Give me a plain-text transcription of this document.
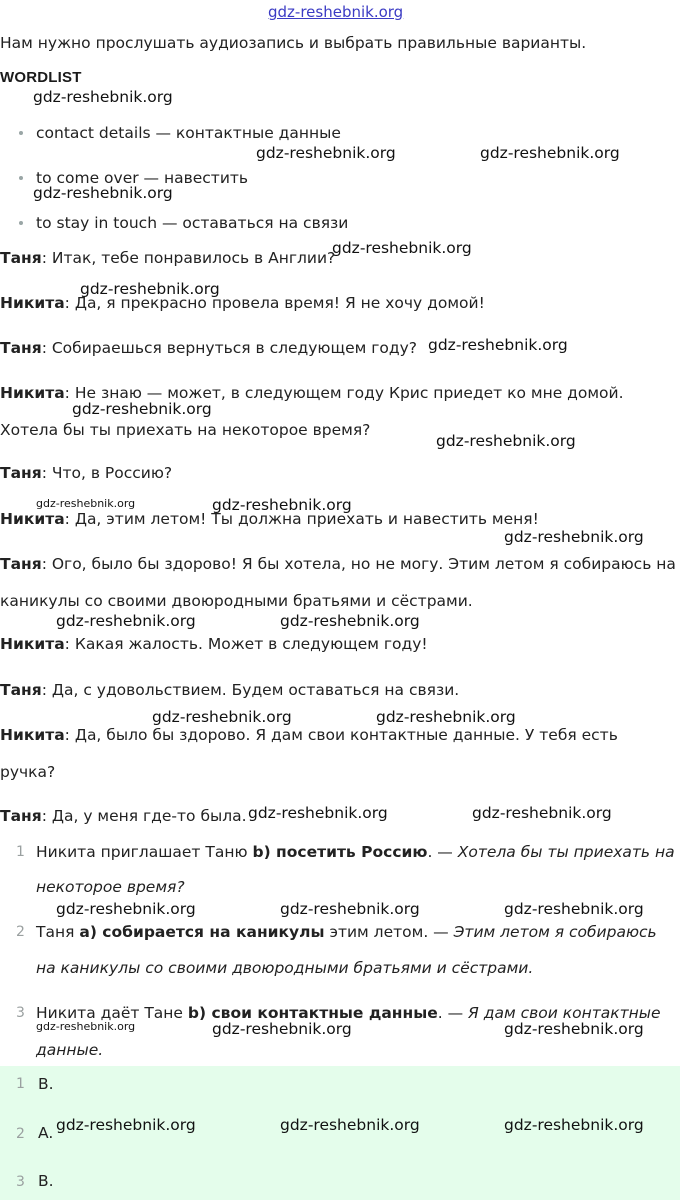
gdz-reshebnik.org
Нам нужно прослушать аудиозапись и выбрать правильные варианты.
WORDLIST
contact details — контактные данные
to come over — навестить
to stay in touch — оставаться на связи
Таня: Итак, тебе понравилось в Англии?
Никита: Да, я прекрасно провела время! Я не хочу домой!
Таня: Собираешься вернуться в следующем году?
Никита: Не знаю — может, в следующем году Крис приедет ко мне домой.
Хотела бы ты приехать на некоторое время?
Таня: Что, в Россию?
Никита: Да, этим летом! Ты должна приехать и навестить меня!
Таня: Ого, было бы здорово! Я бы хотела, но не могу. Этим летом я собираюсь на
каникулы со своими двоюродными братьями и сёстрами.
Никита: Какая жалость. Может в следующем году!
Таня: Да, с удовольствием. Будем оставаться на связи.
Никита: Да, было бы здорово. Я дам свои контактные данные. У тебя есть
ручка?
Таня: Да, у меня где-то была.
1 Никита приглашает Таню b) посетить Россию. — Хотела бы ты приехать на
некоторое время?
2 Таня а) собирается на каникулы этим летом. — Этим летом я собираюсь
на каникулы со своими двоюродными братьями и сёстрами.
3 Никита даёт Тане b) свои контактные данные. — Я дам свои контактные
данные.
1 B.
2 A.
3 B.
gdz-reshebnik.org
gdz-reshebnik.org	gdz-reshebnik.org
gdz-reshebnik.org
gdz-reshebnik.org
gdz-reshebnik.org
gdz-reshebnik.org
gdz-reshebnik.org
gdz-reshebnik.org
gdz-reshebnik.org	gdz-reshebnik.org
gdz-reshebnik.org
gdz-reshebnik.org	gdz-reshebnik.org
gdz-reshebnik.org	gdz-reshebnik.org
gdz-reshebnik.org	gdz-reshebnik.org
gdz-reshebnik.org	gdz-reshebnik.org	gdz-reshebnik.org
gdz-reshebnik.org	gdz-reshebnik.org	gdz-reshebnik.org
gdz-reshebnik.org	gdz-reshebnik.org	gdz-reshebnik.org
